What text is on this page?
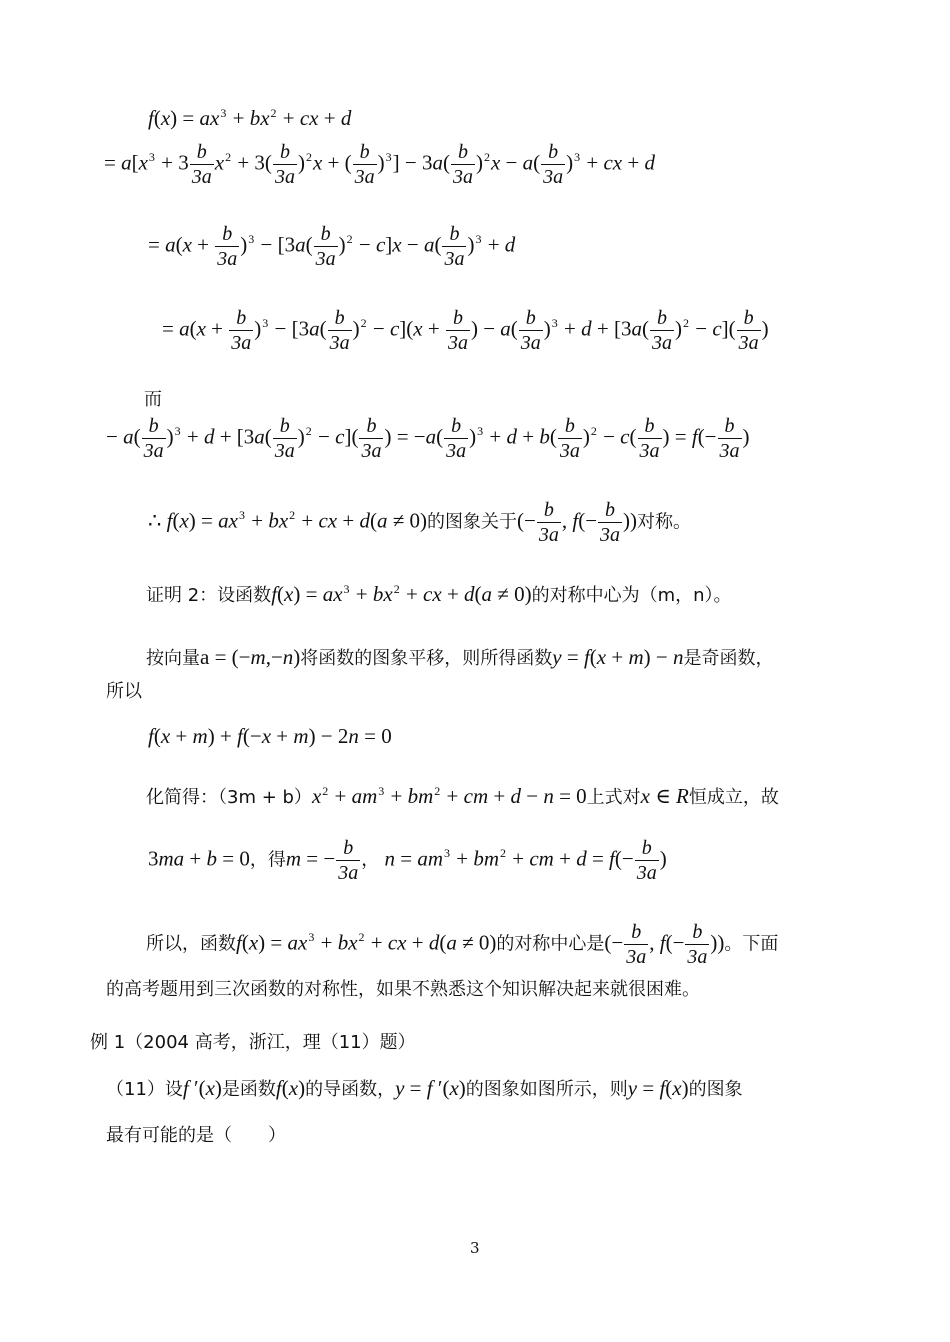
$f(x) = ax^3 + bx^2$ + cx + d
= $a[x^3 + 3 \frac{b}{3a} x^2 + 3( \frac{b}{3a} )^2x$ + ( $\frac{b}{3a} )^3] - 3a( \frac{b}{3a} )^2x - a( \frac{b}{3a} )^3$ + cx + d
= $a(x + \frac{b}{3a} )^3 - [3a( \frac{b}{3a} )^2 - c]x - a( \frac{b}{3a} )^3 + d$
= $a(x + \frac{b}{3a} )^3 - [3a( \frac{b}{3a} )^2 - c](x + \frac{b}{3a}$ ) − $a( \frac{b}{3a} )^3 + d + [3a( \frac{b}{3a} )^2 - c]( \frac{b}{3a}$ )
而
− $a( \frac{b}{3a} )^3 + d + [3a( \frac{b}{3a} )^2 - c]( \frac{b}{3a}$ ) = $-a( \frac{b}{3a} )^3 + d + b( \frac{b}{3a} )^2 - c( \frac{b}{3a}$ ) = $f(- \frac{b}{3a}$ )
∴ $f(x) = ax^3 + bx^2$ + cx + d(a ≠ 0)的图象关于(− $\frac{b}{3a}$ , $f(- \frac{b}{3a}$ ))对称。
证明 2：设函数$f(x) = ax^3 + bx^2$ + cx + d(a ≠ 0)的对称中心为（m，n）。
按向量a = (−m,−n)将函数的图象平移，则所得函数y = f(x + m) − n是奇函数，
所以
f(x + m) + f(−x + m) − 2n = 0
化简得：$(3m + b)x^2 + am^3 + bm^2$ + cm + d − n = 0上式对x ∈ R恒成立，故
3ma + b = 0，得m = − $\frac{b}{3a}$ ， $n = am^3 + bm^2$ + cm + $d = f(- \frac{b}{3a}$ )
所以，函数$f(x) = ax^3 + bx^2$ + cx + d(a ≠ 0)的对称中心是(− $\frac{b}{3a}$ , $f(- \frac{b}{3a}$ ))。下面
的高考题用到三次函数的对称性，如果不熟悉这个知识解决起来就很困难。
例 1（2004 高考，浙江，理（11）题）
（11）设f ′(x)是函数f(x)的导函数，y = f ′(x)的图象如图所示，则y = f(x)的图象
最有可能的是（　　）
3
